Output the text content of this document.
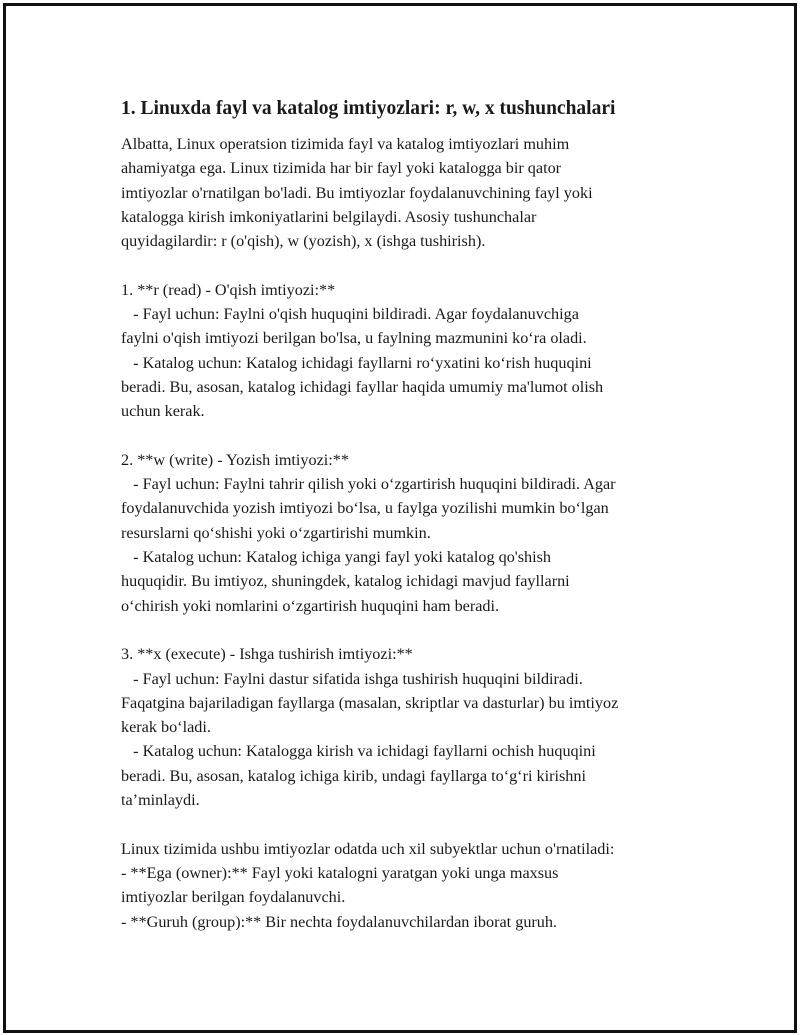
1. Linuxda fayl va katalog imtiyozlari: r, w, x tushunchalari

Albatta, Linux operatsion tizimida fayl va katalog imtiyozlari muhim
ahamiyatga ega. Linux tizimida har bir fayl yoki katalogga bir qator
imtiyozlar o'rnatilgan bo'ladi. Bu imtiyozlar foydalanuvchining fayl yoki
katalogga kirish imkoniyatlarini belgilaydi. Asosiy tushunchalar
quyidagilardir: r (o'qish), w (yozish), x (ishga tushirish).

1. **r (read) - O'qish imtiyozi:**
- Fayl uchun: Faylni o'qish huquqini bildiradi. Agar foydalanuvchiga
faylni o'qish imtiyozi berilgan bo'lsa, u faylning mazmunini koʻra oladi.
- Katalog uchun: Katalog ichidagi fayllarni roʻyxatini koʻrish huquqini
beradi. Bu, asosan, katalog ichidagi fayllar haqida umumiy ma'lumot olish
uchun kerak.

2. **w (write) - Yozish imtiyozi:**
- Fayl uchun: Faylni tahrir qilish yoki oʻzgartirish huquqini bildiradi. Agar
foydalanuvchida yozish imtiyozi boʻlsa, u faylga yozilishi mumkin boʻlgan
resurslarni qoʻshishi yoki oʻzgartirishi mumkin.
- Katalog uchun: Katalog ichiga yangi fayl yoki katalog qo'shish
huquqidir. Bu imtiyoz, shuningdek, katalog ichidagi mavjud fayllarni
oʻchirish yoki nomlarini oʻzgartirish huquqini ham beradi.

3. **x (execute) - Ishga tushirish imtiyozi:**
- Fayl uchun: Faylni dastur sifatida ishga tushirish huquqini bildiradi.
Faqatgina bajariladigan fayllarga (masalan, skriptlar va dasturlar) bu imtiyoz
kerak boʻladi.
- Katalog uchun: Katalogga kirish va ichidagi fayllarni ochish huquqini
beradi. Bu, asosan, katalog ichiga kirib, undagi fayllarga toʻgʻri kirishni
taʼminlaydi.

Linux tizimida ushbu imtiyozlar odatda uch xil subyektlar uchun o'rnatiladi:
- **Ega (owner):** Fayl yoki katalogni yaratgan yoki unga maxsus
imtiyozlar berilgan foydalanuvchi.
- **Guruh (group):** Bir nechta foydalanuvchilardan iborat guruh.
